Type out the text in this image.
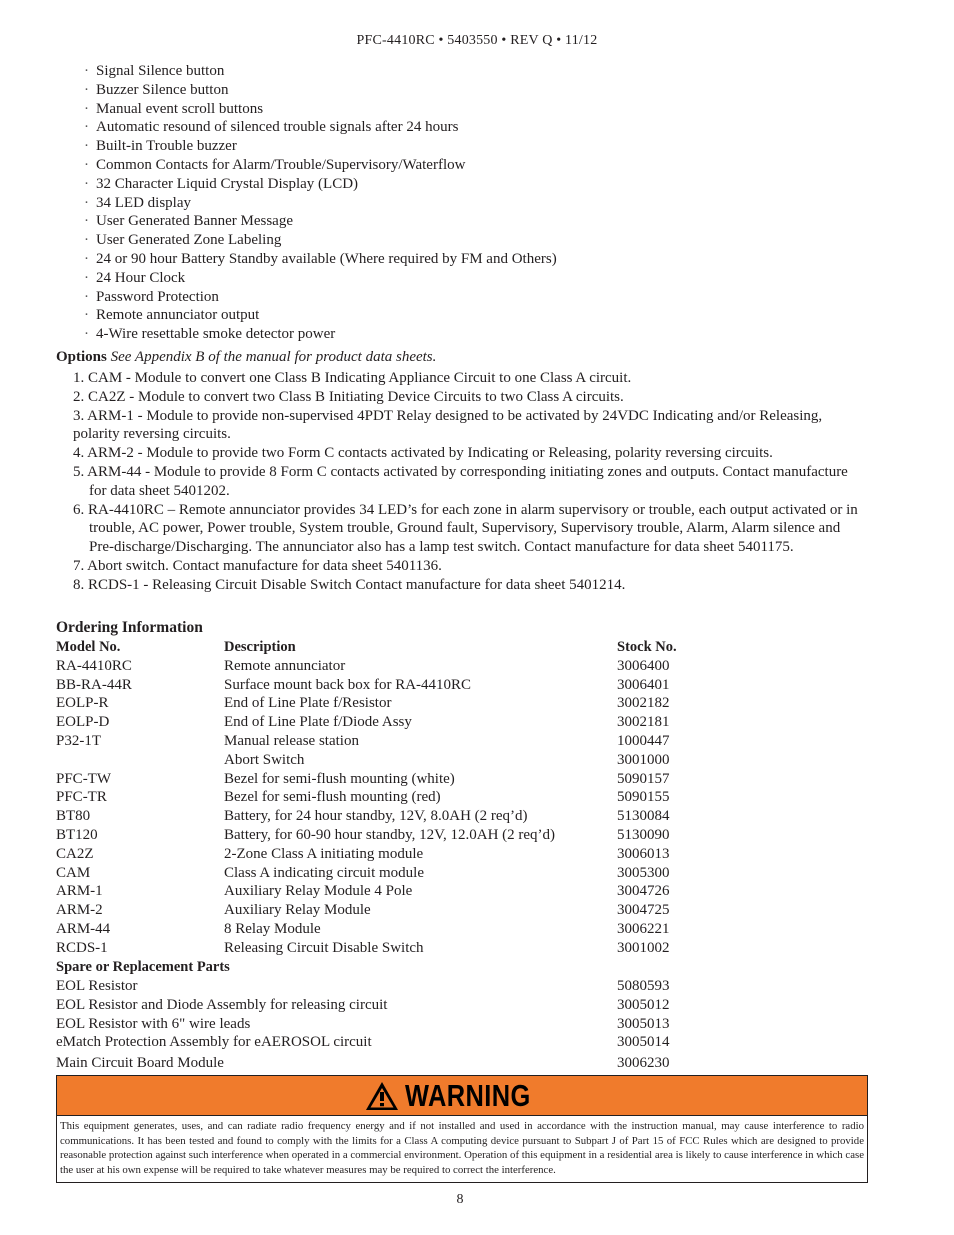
PFC-4410RC • 5403550 • REV Q • 11/12
· Signal Silence button
· Buzzer Silence button
· Manual event scroll buttons
· Automatic resound of silenced trouble signals after 24 hours
· Built-in Trouble buzzer
· Common Contacts for Alarm/Trouble/Supervisory/Waterflow
· 32 Character Liquid Crystal Display (LCD)
· 34 LED display
· User Generated Banner Message
· User Generated Zone Labeling
· 24 or 90 hour Battery Standby available (Where required by FM and Others)
· 24 Hour Clock
· Password Protection
· Remote annunciator output
· 4-Wire resettable smoke detector power
Options See Appendix B of the manual for product data sheets.
1. CAM - Module to convert one Class B Indicating Appliance Circuit to one Class A circuit.
2. CA2Z - Module to convert two Class B Initiating Device Circuits to two Class A circuits.
3. ARM-1 - Module to provide non-supervised 4PDT Relay designed to be activated by 24VDC Indicating and/or Releasing, polarity reversing circuits.
4. ARM-2 - Module to provide two Form C contacts activated by Indicating or Releasing, polarity reversing circuits.
5. ARM-44 - Module to provide 8 Form C contacts activated by corresponding initiating zones and outputs. Contact manufacture for data sheet 5401202.
6. RA-4410RC – Remote annunciator provides 34 LED’s for each zone in alarm supervisory or trouble, each output activated or in trouble, AC power, Power trouble, System trouble, Ground fault, Supervisory, Supervisory trouble, Alarm, Alarm silence and Pre-discharge/Discharging. The annunciator also has a lamp test switch. Contact manufacture for data sheet 5401175.
7. Abort switch. Contact manufacture for data sheet 5401136.
8. RCDS-1 - Releasing Circuit Disable Switch Contact manufacture for data sheet 5401214.
Ordering Information
Model No.	Description	Stock No.
RA-4410RC	Remote annunciator	3006400
BB-RA-44R	Surface mount back box for RA-4410RC	3006401
EOLP-R	End of Line Plate f/Resistor	3002182
EOLP-D	End of Line Plate f/Diode Assy	3002181
P32-1T	Manual release station	1000447
	Abort Switch	3001000
PFC-TW	Bezel for semi-flush mounting (white)	5090157
PFC-TR	Bezel for semi-flush mounting (red)	5090155
BT80	Battery, for 24 hour standby, 12V, 8.0AH (2 req’d)	5130084
BT120	Battery, for 60-90 hour standby, 12V, 12.0AH (2 req’d)	5130090
CA2Z	2-Zone Class A initiating module	3006013
CAM	Class A indicating circuit module	3005300
ARM-1	Auxiliary Relay Module 4 Pole	3004726
ARM-2	Auxiliary Relay Module	3004725
ARM-44	8 Relay Module	3006221
RCDS-1	Releasing Circuit Disable Switch	3001002
Spare or Replacement Parts
EOL Resistor	5080593
EOL Resistor and Diode Assembly for releasing circuit	3005012
EOL Resistor with 6" wire leads	3005013
eMatch Protection Assembly for eAEROSOL circuit	3005014
Main Circuit Board Module	3006230
WARNING
This equipment generates, uses, and can radiate radio frequency energy and if not installed and used in accordance with the instruction manual, may cause interference to radio communications. It has been tested and found to comply with the limits for a Class A computing device pursuant to Subpart J of Part 15 of FCC Rules which are designed to provide reasonable protection against such interference when operated in a commercial environment. Operation of this equipment in a residential area is likely to cause interference in which case the user at his own expense will be required to take whatever measures may be required to correct the interference.
8
